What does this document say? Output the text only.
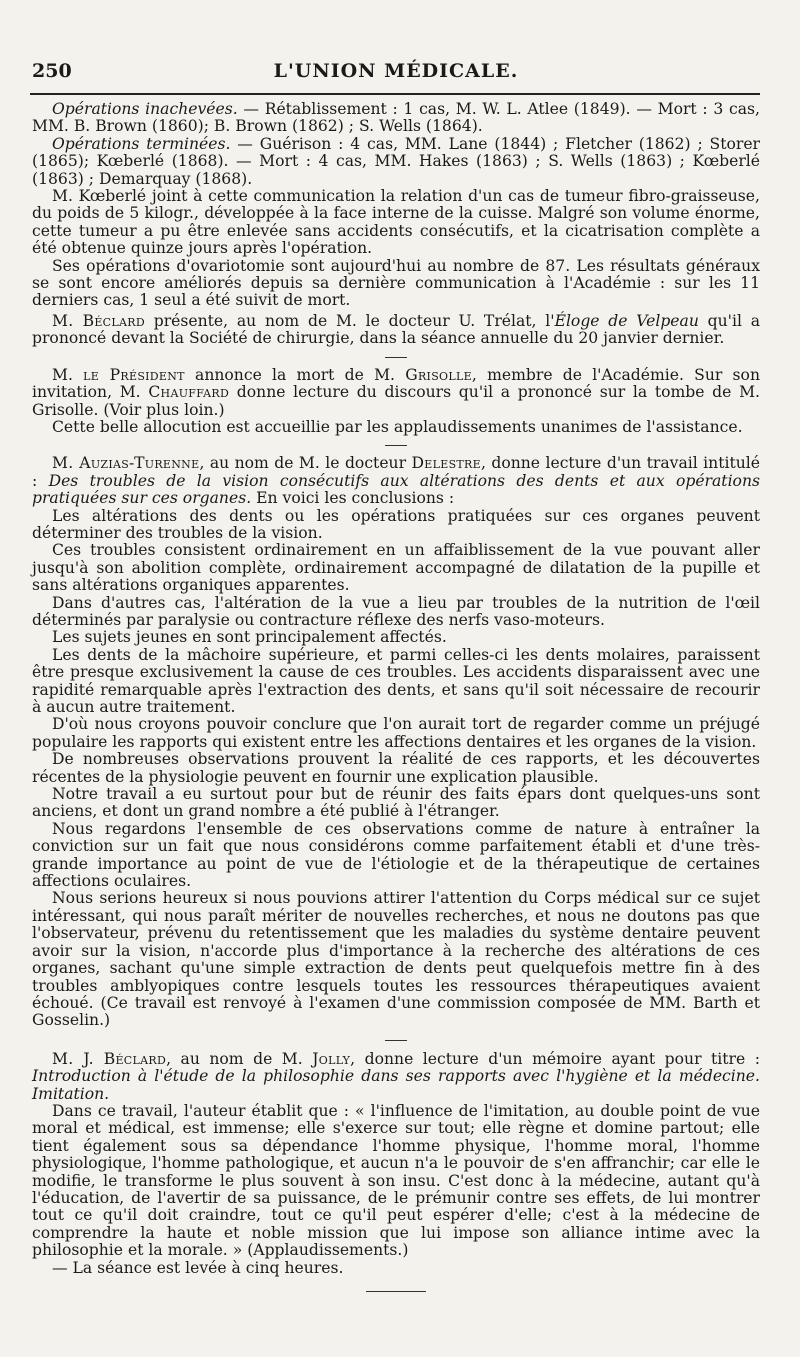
250	L'UNION MÉDICALE.

Opérations inachevées. — Rétablissement : 1 cas, M. W. L. Atlee (1849). — Mort : 3 cas, MM. B. Brown (1860); B. Brown (1862) ; S. Wells (1864).

Opérations terminées. — Guérison : 4 cas, MM. Lane (1844) ; Fletcher (1862) ; Storer (1865); Kœberlé (1868). — Mort : 4 cas, MM. Hakes (1863) ; S. Wells (1863) ; Kœberlé (1863) ; Demarquay (1868).

M. Kœberlé joint à cette communication la relation d'un cas de tumeur fibro-graisseuse, du poids de 5 kilogr., développée à la face interne de la cuisse. Malgré son volume énorme, cette tumeur a pu être enlevée sans accidents consécutifs, et la cicatrisation complète a été obtenue quinze jours après l'opération.

Ses opérations d'ovariotomie sont aujourd'hui au nombre de 87. Les résultats généraux se sont encore améliorés depuis sa dernière communication à l'Académie : sur les 11 derniers cas, 1 seul a été suivit de mort.

M. Béclard présente, au nom de M. le docteur U. Trélat, l'Éloge de Velpeau qu'il a prononcé devant la Société de chirurgie, dans la séance annuelle du 20 janvier dernier.

M. le Président annonce la mort de M. Grisolle, membre de l'Académie. Sur son invitation, M. Chauffard donne lecture du discours qu'il a prononcé sur la tombe de M. Grisolle. (Voir plus loin.)

Cette belle allocution est accueillie par les applaudissements unanimes de l'assistance.

M. Auzias-Turenne, au nom de M. le docteur Delestre, donne lecture d'un travail intitulé : Des troubles de la vision consécutifs aux altérations des dents et aux opérations pratiquées sur ces organes. En voici les conclusions :

Les altérations des dents ou les opérations pratiquées sur ces organes peuvent déterminer des troubles de la vision.

Ces troubles consistent ordinairement en un affaiblissement de la vue pouvant aller jusqu'à son abolition complète, ordinairement accompagné de dilatation de la pupille et sans altérations organiques apparentes.

Dans d'autres cas, l'altération de la vue a lieu par troubles de la nutrition de l'œil déterminés par paralysie ou contracture réflexe des nerfs vaso-moteurs.

Les sujets jeunes en sont principalement affectés.

Les dents de la mâchoire supérieure, et parmi celles-ci les dents molaires, paraissent être presque exclusivement la cause de ces troubles. Les accidents disparaissent avec une rapidité remarquable après l'extraction des dents, et sans qu'il soit nécessaire de recourir à aucun autre traitement.

D'où nous croyons pouvoir conclure que l'on aurait tort de regarder comme un préjugé populaire les rapports qui existent entre les affections dentaires et les organes de la vision.

De nombreuses observations prouvent la réalité de ces rapports, et les découvertes récentes de la physiologie peuvent en fournir une explication plausible.

Notre travail a eu surtout pour but de réunir des faits épars dont quelques-uns sont anciens, et dont un grand nombre a été publié à l'étranger.

Nous regardons l'ensemble de ces observations comme de nature à entraîner la conviction sur un fait que nous considérons comme parfaitement établi et d'une très-grande importance au point de vue de l'étiologie et de la thérapeutique de certaines affections oculaires.

Nous serions heureux si nous pouvions attirer l'attention du Corps médical sur ce sujet intéressant, qui nous paraît mériter de nouvelles recherches, et nous ne doutons pas que l'observateur, prévenu du retentissement que les maladies du système dentaire peuvent avoir sur la vision, n'accorde plus d'importance à la recherche des altérations de ces organes, sachant qu'une simple extraction de dents peut quelquefois mettre fin à des troubles amblyopiques contre lesquels toutes les ressources thérapeutiques avaient échoué. (Ce travail est renvoyé à l'examen d'une commission composée de MM. Barth et Gosselin.)

M. J. Béclard, au nom de M. Jolly, donne lecture d'un mémoire ayant pour titre : Introduction à l'étude de la philosophie dans ses rapports avec l'hygiène et la médecine. Imitation.

Dans ce travail, l'auteur établit que : « l'influence de l'imitation, au double point de vue moral et médical, est immense; elle s'exerce sur tout; elle règne et domine partout; elle tient également sous sa dépendance l'homme physique, l'homme moral, l'homme physiologique, l'homme pathologique, et aucun n'a le pouvoir de s'en affranchir; car elle le modifie, le transforme le plus souvent à son insu. C'est donc à la médecine, autant qu'à l'éducation, de l'avertir de sa puissance, de le prémunir contre ses effets, de lui montrer tout ce qu'il doit craindre, tout ce qu'il peut espérer d'elle; c'est à la médecine de comprendre la haute et noble mission que lui impose son alliance intime avec la philosophie et la morale. » (Applaudissements.)

— La séance est levée à cinq heures.
